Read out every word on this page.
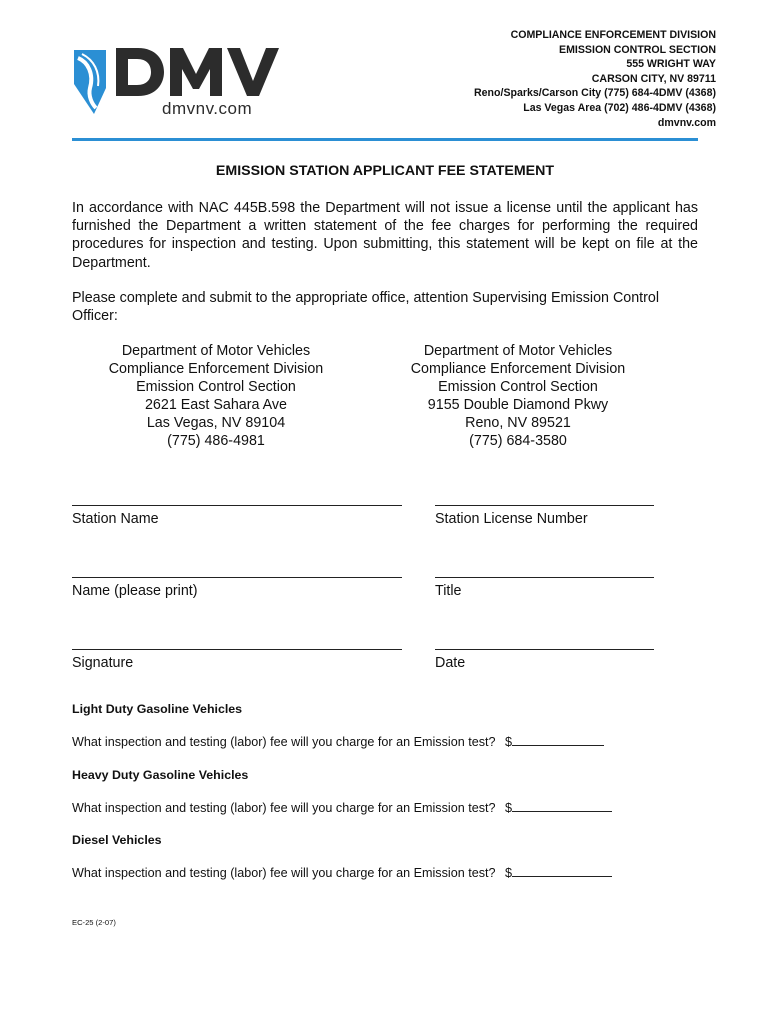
dmvnv.com
COMPLIANCE ENFORCEMENT DIVISION
EMISSION CONTROL SECTION
555 WRIGHT WAY
CARSON CITY, NV 89711
Reno/Sparks/Carson City (775) 684-4DMV (4368)
Las Vegas Area (702) 486-4DMV (4368)
dmvnv.com
EMISSION STATION APPLICANT FEE STATEMENT
In accordance with NAC 445B.598 the Department will not issue a license until the applicant has furnished the Department a written statement of the fee charges for performing the required procedures for inspection and testing. Upon submitting, this statement will be kept on file at the Department.
Please complete and submit to the appropriate office, attention Supervising Emission Control Officer:
Department of Motor Vehicles
Compliance Enforcement Division
Emission Control Section
2621 East Sahara Ave
Las Vegas, NV 89104
(775) 486-4981
Department of Motor Vehicles
Compliance Enforcement Division
Emission Control Section
9155 Double Diamond Pkwy
Reno, NV 89521
(775) 684-3580
Station Name	Station License Number
Name (please print)	Title
Signature	Date
Light Duty Gasoline Vehicles
What inspection and testing (labor) fee will you charge for an Emission test? $
Heavy Duty Gasoline Vehicles
What inspection and testing (labor) fee will you charge for an Emission test? $
Diesel Vehicles
What inspection and testing (labor) fee will you charge for an Emission test? $
EC-25 (2-07)
